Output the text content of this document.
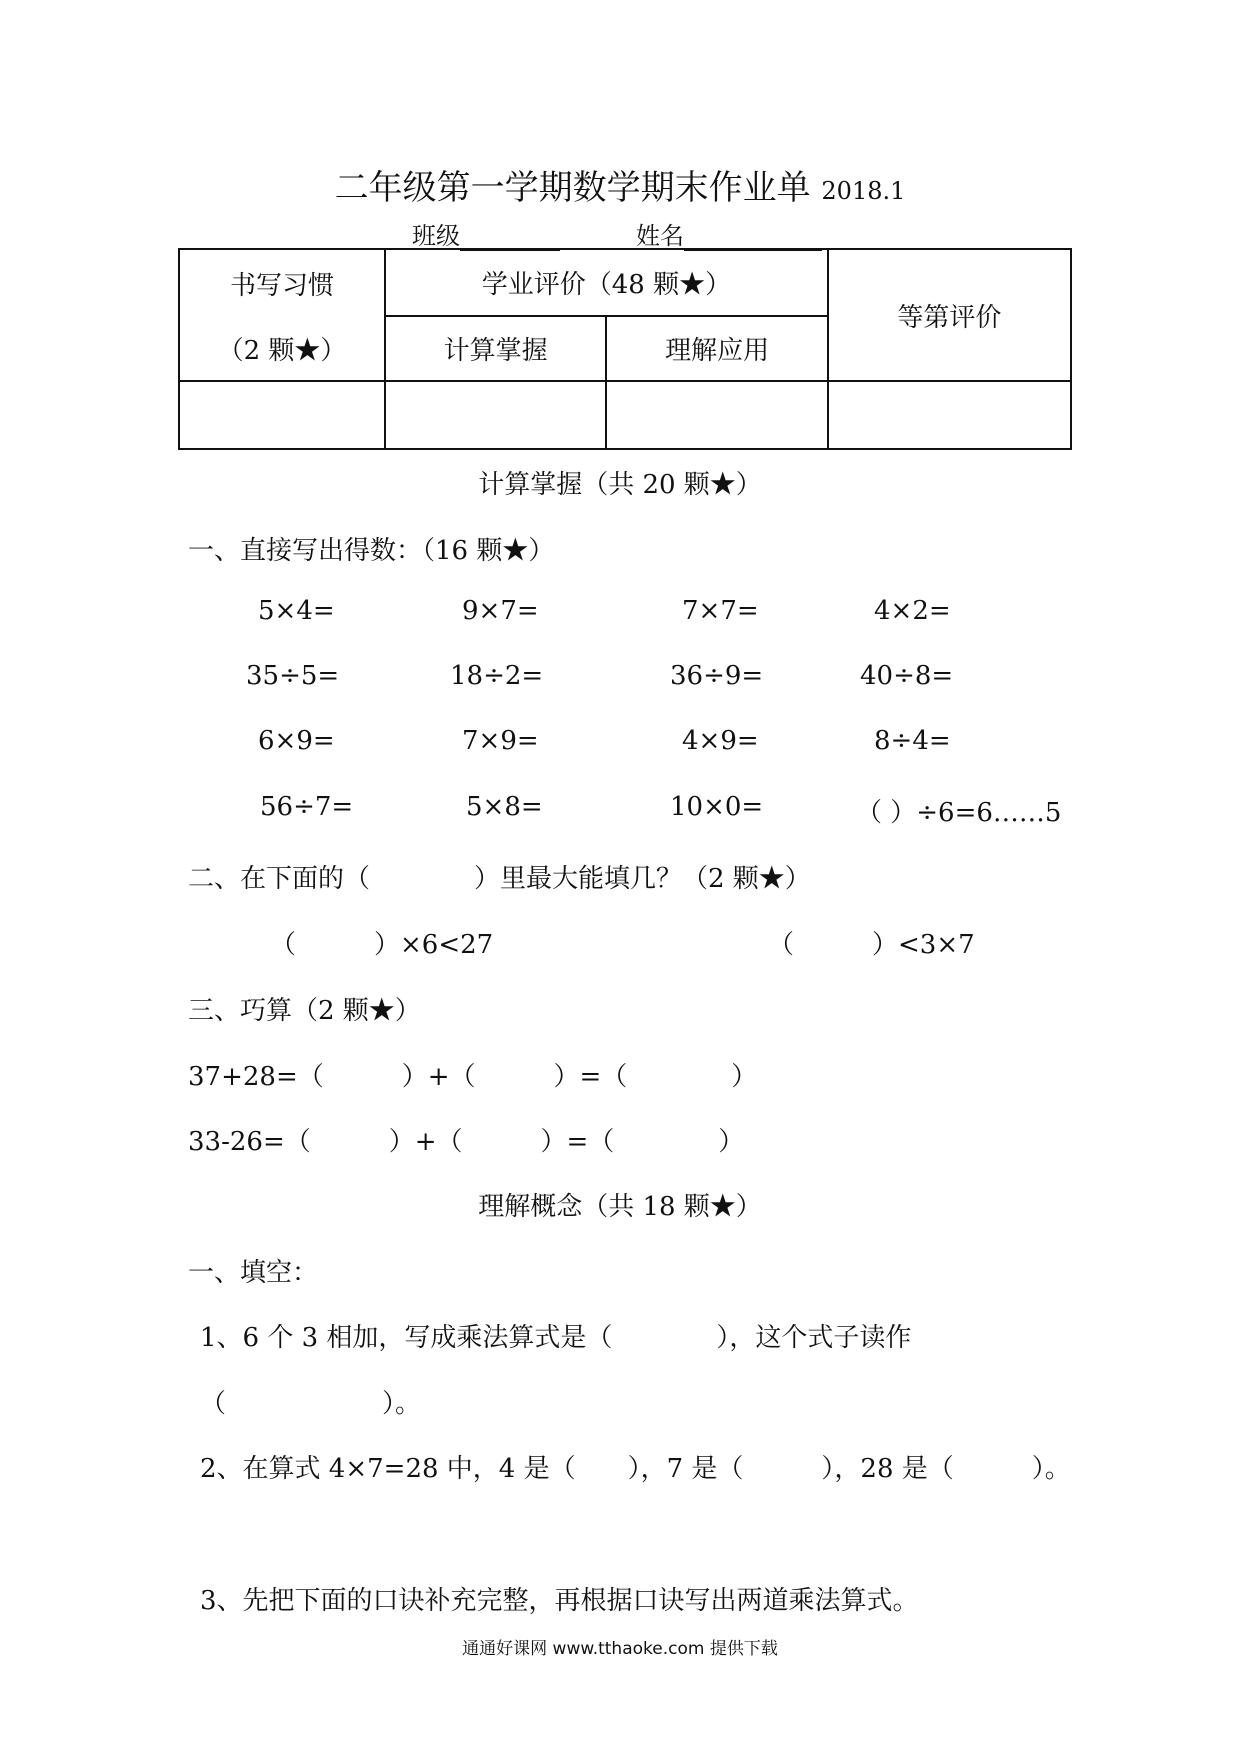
二年级第一学期数学期末作业单 2018.1
班级	姓名
书写习惯	学业评价（48 颗★）		等第评价
（2 颗★）	计算掌握	理解应用	

计算掌握（共 20 颗★）
一、直接写出得数：（16 颗★）
5×4=	9×7=	7×7=	4×2=
35÷5=	18÷2=	36÷9=	40÷8=
6×9=	7×9=	4×9=	8÷4=
56÷7=	5×8=	10×0=	（ ）÷6=6……5
二、在下面的（　　　　）里最大能填几？（2 颗★）
（　　　）×6<27	（　　　）<3×7
三、巧算（2 颗★）
37+28=（　　　）+（　　　）=（　　　　）
33-26=（　　　）+（　　　）=（　　　　）
理解概念（共 18 颗★）
一、填空：
1、6 个 3 相加，写成乘法算式是（　　　　），这个式子读作
（　　　　　　）。
2、在算式 4×7=28 中，4 是（　　），7 是（　　　），28 是（　　　）。
3、先把下面的口诀补充完整，再根据口诀写出两道乘法算式。
通通好课网 www.tthaoke.com 提供下载
